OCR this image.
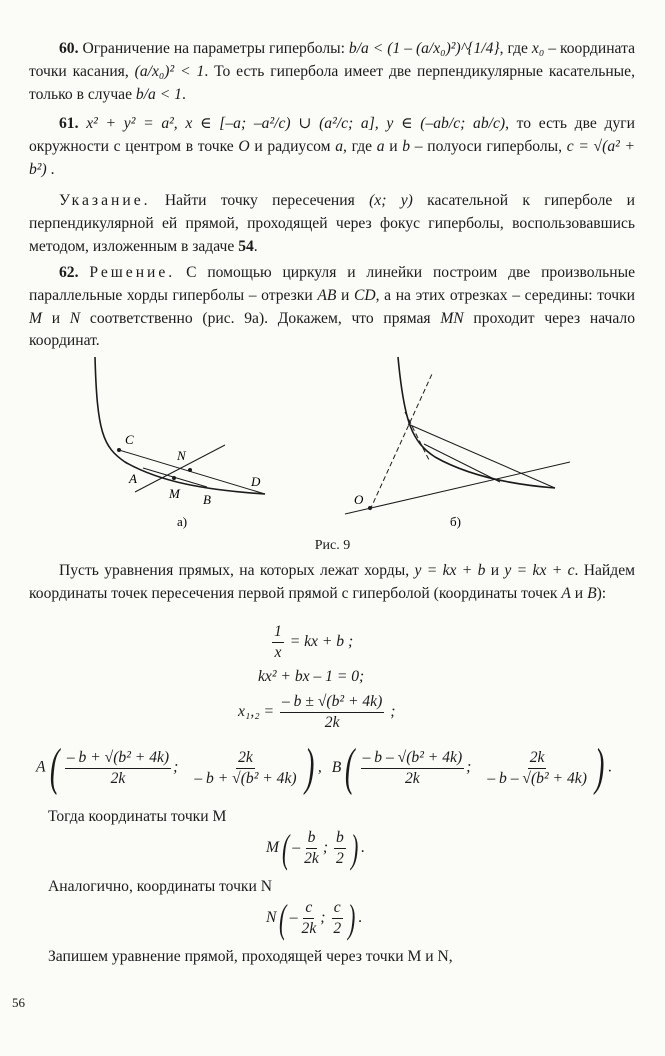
60. Ограничение на параметры гиперболы: b/a < (1 – (a/x₀)²)^{1/4}, где x₀ – координата точки касания, (a/x₀)² < 1. То есть гипербола имеет две перпендикулярные касательные, только в случае b/a < 1.
61. x² + y² = a², x ∈ [–a; –a²/c) ∪ (a²/c; a], y ∈ (–ab/c; ab/c), то есть две дуги окружности с центром в точке O и радиусом a, где a и b – полуоси гиперболы, c = √(a² + b²) .
Указание. Найти точку пересечения (x; y) касательной к гиперболе и перпендикулярной ей прямой, проходящей через фокус гиперболы, воспользовавшись методом, изложенным в задаче 54.
62. Решение. С помощью циркуля и линейки построим две произвольные параллельные хорды гиперболы – отрезки AB и CD, а на этих отрезках – середины: точки M и N соответственно (рис. 9а). Докажем, что прямая MN проходит через начало координат.
C
N
A
M B
D
а)
O
б)
Рис. 9
Пусть уравнения прямых, на которых лежат хорды, y = kx + b и y = kx + c. Найдем координаты точек пересечения первой прямой с гиперболой (координаты точек A и B):
$\frac{1}{x}$ = kx + b ;
kx² + bx – 1 = 0;
$x_1,_2 = \frac{\text{– b ± √(b² + 4k)}}{2k}$ ;
$A( \frac{\text{– b + √(b² + 4k)}}{2k}$ ; $\frac{2k}{\text{– b + √(b² + 4k)}}$ ) , $B( \frac{\text{– b – √(b² + 4k)}}{2k}$ ; $\frac{2k}{\text{– b – √(b² + 4k)}}$ ) .
Тогда координаты точки M
$M( - \frac{b}{2k}$ ; $\frac{b}{2}$ ) .
Аналогично, координаты точки N
$N( - \frac{c}{2k}$ ; $\frac{c}{2}$ ) .
Запишем уравнение прямой, проходящей через точки M и N,
56
